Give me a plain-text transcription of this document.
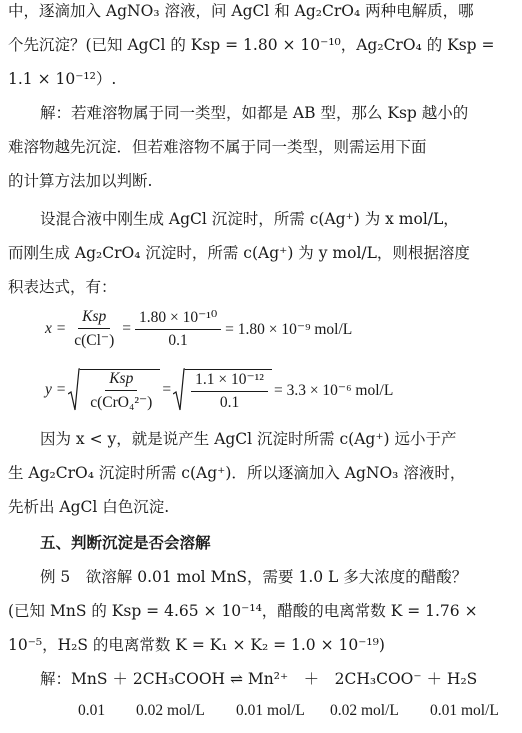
中，逐滴加入 AgNO₃ 溶液，问 AgCl 和 Ag₂CrO₄ 两种电解质，哪
个先沉淀？(已知 AgCl 的 Ksp = 1.80 × 10⁻¹⁰，Ag₂CrO₄ 的 Ksp =
1.1 × 10⁻¹²）.
解：若难溶物属于同一类型，如都是 AB 型，那么 Ksp 越小的
难溶物越先沉淀．但若难溶物不属于同一类型，则需运用下面
的计算方法加以判断.
设混合液中刚生成 AgCl 沉淀时，所需 c(Ag⁺) 为 x mol/L，
而刚生成 Ag₂CrO₄ 沉淀时，所需 c(Ag⁺) 为 y mol/L，则根据溶度
积表达式，有：
$x = \frac{\text{Ksp}}{c(Cl^-)} = \frac{\text{1.80 × 10⁻¹⁰}}{0.1} = 1.80 \times 10^{-9}$ mol/L
$y = \frac{\text{Ksp}}{\text{c(CrO₄²⁻)}} = \frac{\text{1.1 × 10⁻¹²}}{0.1} = 3.3 \times 10^{-6}$ mol/L
因为 x < y，就是说产生 AgCl 沉淀时所需 c(Ag⁺) 远小于产
生 Ag₂CrO₄ 沉淀时所需 c(Ag⁺)．所以逐滴加入 AgNO₃ 溶液时，
先析出 AgCl 白色沉淀.
五、判断沉淀是否会溶解
例 5　欲溶解 0.01 mol MnS，需要 1.0 L 多大浓度的醋酸？
(已知 MnS 的 Ksp = 4.65 × 10⁻¹⁴，醋酸的电离常数 K = 1.76 ×
10⁻⁵，H₂S 的电离常数 K = K₁ × K₂ = 1.0 × 10⁻¹⁹)
解：MnS ＋ 2CH₃COOH ⇌ Mn²⁺　＋　2CH₃COO⁻ ＋ H₂S
0.01 0.02 mol/L 0.01 mol/L 0.02 mol/L 0.01 mol/L
